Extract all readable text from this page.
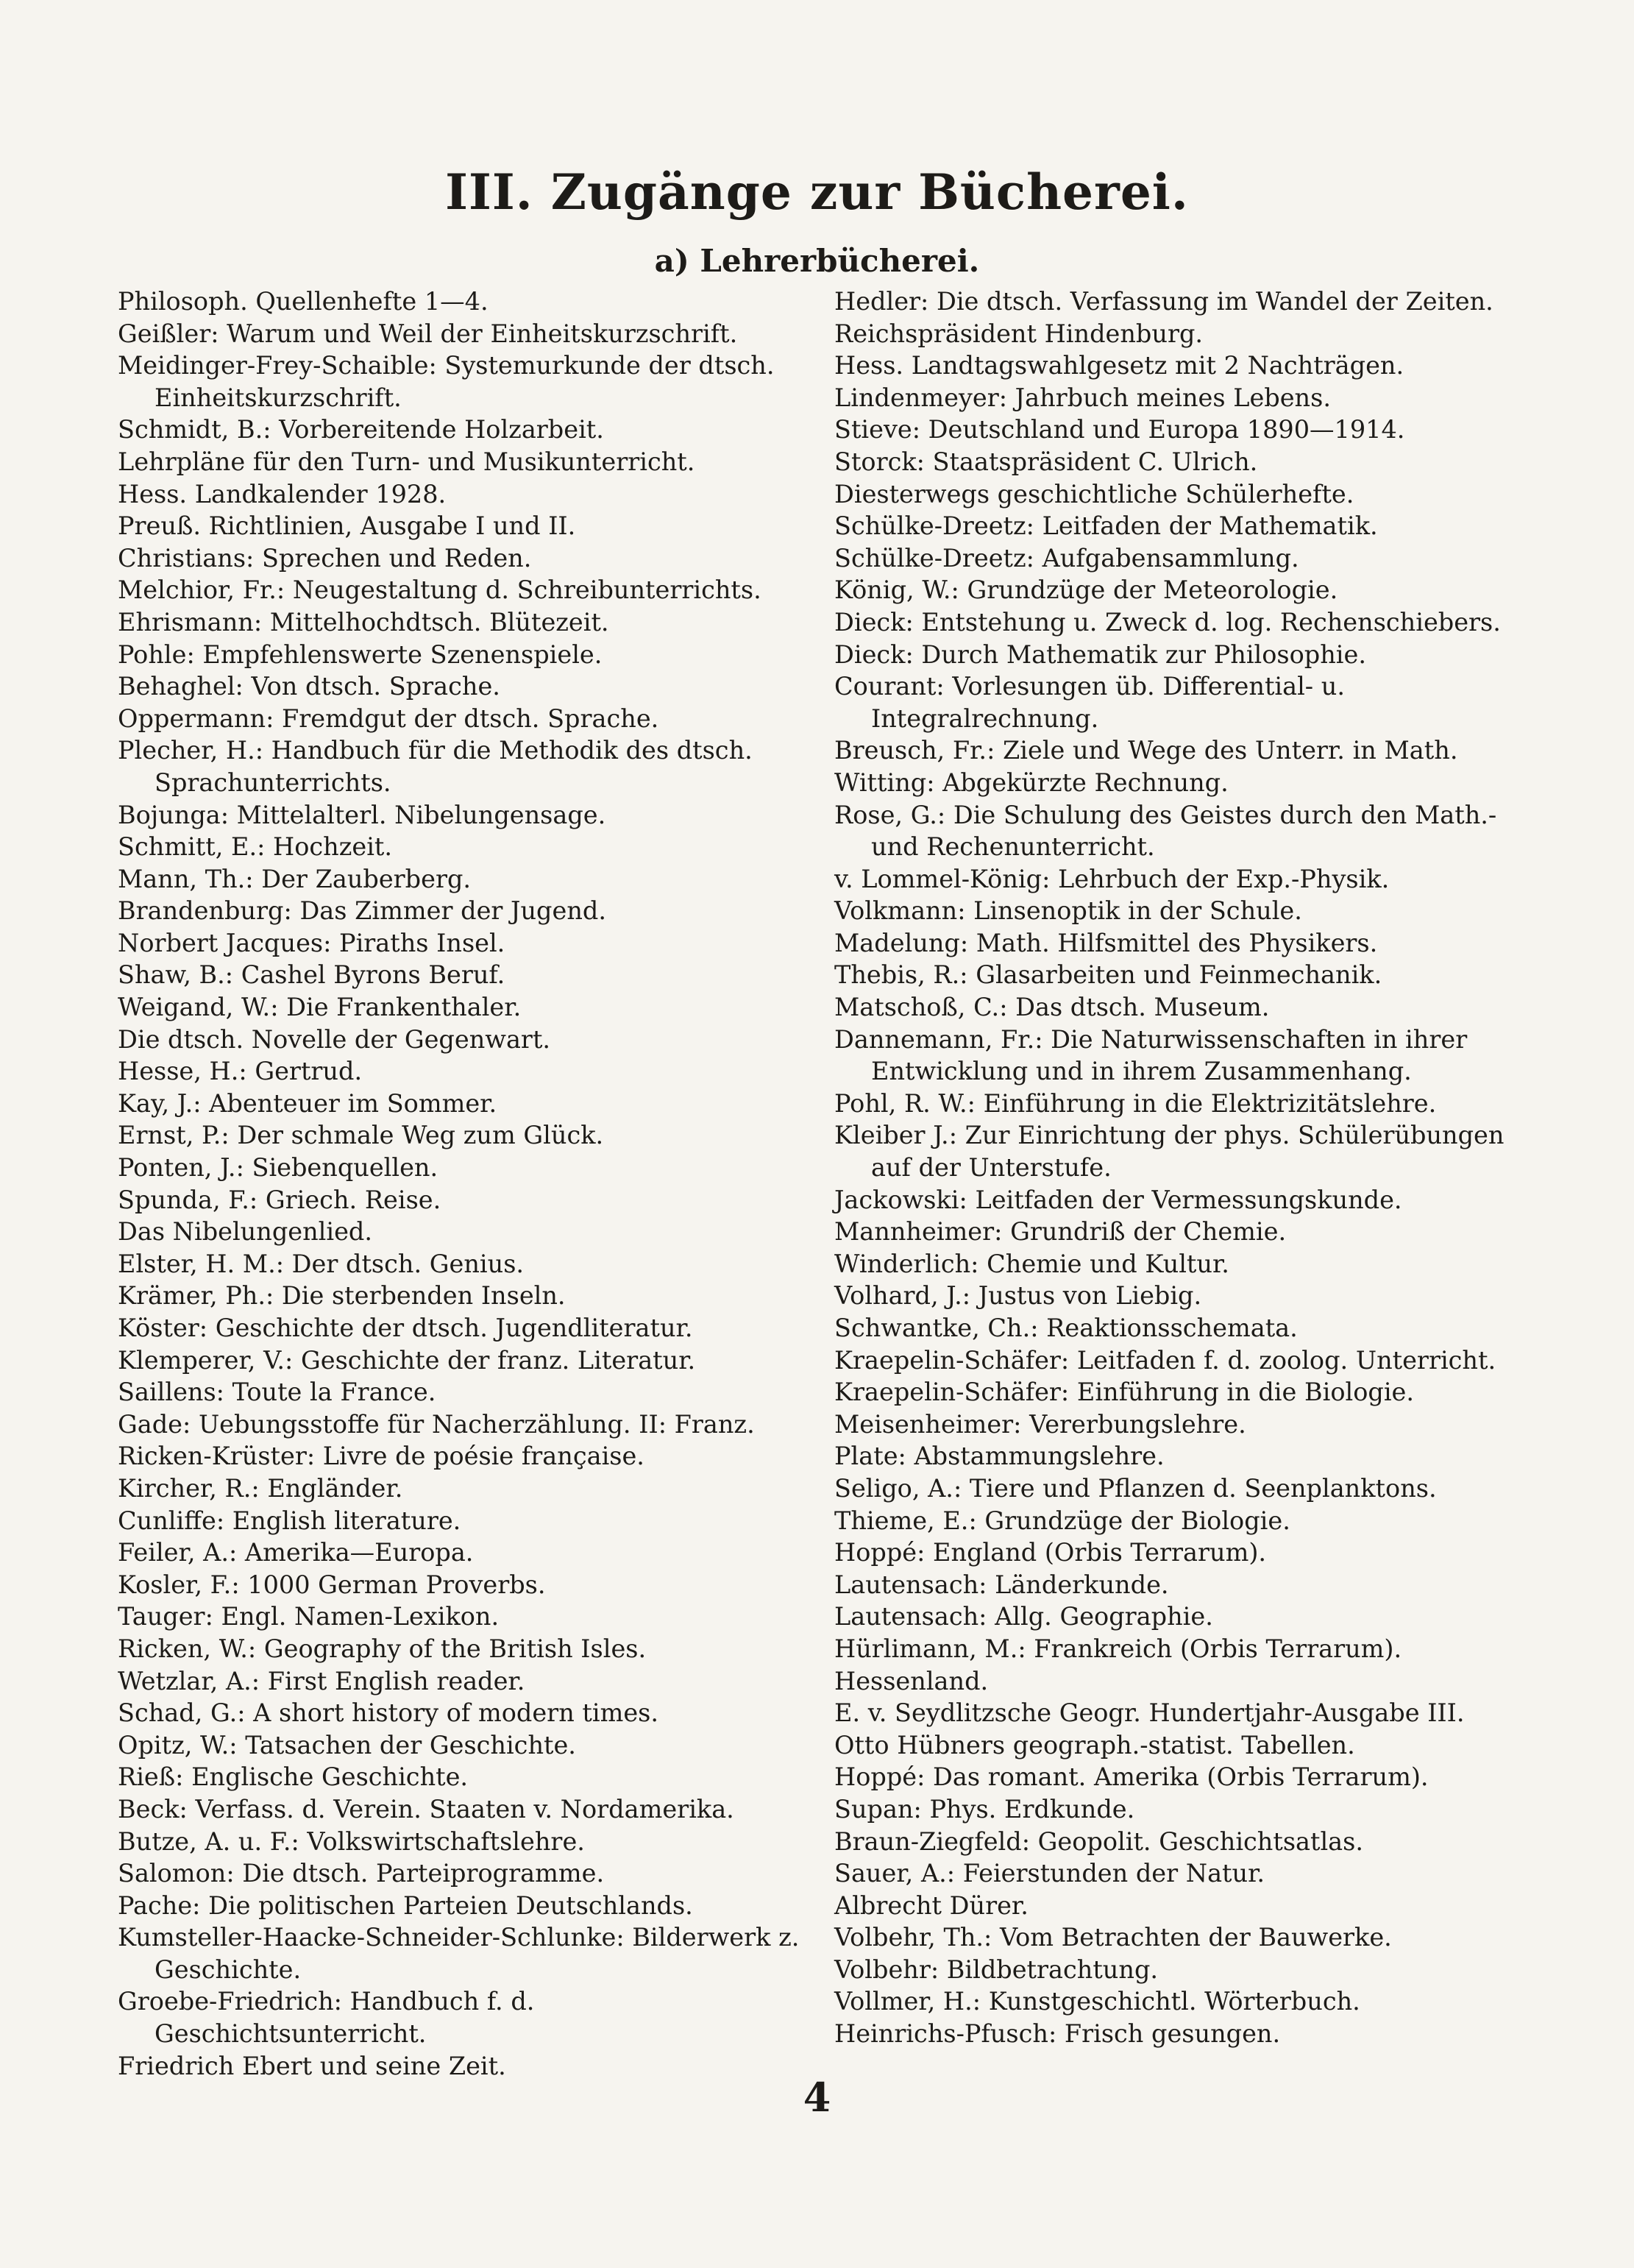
III. Zugänge zur Bücherei.
a) Lehrerbücherei.
Philosoph. Quellenhefte 1—4.
Geißler: Warum und Weil der Einheitskurzschrift.
Meidinger-Frey-Schaible: Systemurkunde der dtsch. Einheitskurzschrift.
Schmidt, B.: Vorbereitende Holzarbeit.
Lehrpläne für den Turn- und Musikunterricht.
Hess. Landkalender 1928.
Preuß. Richtlinien, Ausgabe I und II.
Christians: Sprechen und Reden.
Melchior, Fr.: Neugestaltung d. Schreibunterrichts.
Ehrismann: Mittelhochdtsch. Blütezeit.
Pohle: Empfehlenswerte Szenenspiele.
Behaghel: Von dtsch. Sprache.
Oppermann: Fremdgut der dtsch. Sprache.
Plecher, H.: Handbuch für die Methodik des dtsch. Sprachunterrichts.
Bojunga: Mittelalterl. Nibelungensage.
Schmitt, E.: Hochzeit.
Mann, Th.: Der Zauberberg.
Brandenburg: Das Zimmer der Jugend.
Norbert Jacques: Piraths Insel.
Shaw, B.: Cashel Byrons Beruf.
Weigand, W.: Die Frankenthaler.
Die dtsch. Novelle der Gegenwart.
Hesse, H.: Gertrud.
Kay, J.: Abenteuer im Sommer.
Ernst, P.: Der schmale Weg zum Glück.
Ponten, J.: Siebenquellen.
Spunda, F.: Griech. Reise.
Das Nibelungenlied.
Elster, H. M.: Der dtsch. Genius.
Krämer, Ph.: Die sterbenden Inseln.
Köster: Geschichte der dtsch. Jugendliteratur.
Klemperer, V.: Geschichte der franz. Literatur.
Saillens: Toute la France.
Gade: Uebungsstoffe für Nacherzählung. II: Franz.
Ricken-Krüster: Livre de poésie française.
Kircher, R.: Engländer.
Cunliffe: English literature.
Feiler, A.: Amerika—Europa.
Kosler, F.: 1000 German Proverbs.
Tauger: Engl. Namen-Lexikon.
Ricken, W.: Geography of the British Isles.
Wetzlar, A.: First English reader.
Schad, G.: A short history of modern times.
Opitz, W.: Tatsachen der Geschichte.
Rieß: Englische Geschichte.
Beck: Verfass. d. Verein. Staaten v. Nordamerika.
Butze, A. u. F.: Volkswirtschaftslehre.
Salomon: Die dtsch. Parteiprogramme.
Pache: Die politischen Parteien Deutschlands.
Kumsteller-Haacke-Schneider-Schlunke: Bilderwerk z. Geschichte.
Groebe-Friedrich: Handbuch f. d. Geschichtsunterricht.
Friedrich Ebert und seine Zeit.
Hedler: Die dtsch. Verfassung im Wandel der Zeiten.
Reichspräsident Hindenburg.
Hess. Landtagswahlgesetz mit 2 Nachträgen.
Lindenmeyer: Jahrbuch meines Lebens.
Stieve: Deutschland und Europa 1890—1914.
Storck: Staatspräsident C. Ulrich.
Diesterwegs geschichtliche Schülerhefte.
Schülke-Dreetz: Leitfaden der Mathematik.
Schülke-Dreetz: Aufgabensammlung.
König, W.: Grundzüge der Meteorologie.
Dieck: Entstehung u. Zweck d. log. Rechenschiebers.
Dieck: Durch Mathematik zur Philosophie.
Courant: Vorlesungen üb. Differential- u. Integralrechnung.
Breusch, Fr.: Ziele und Wege des Unterr. in Math.
Witting: Abgekürzte Rechnung.
Rose, G.: Die Schulung des Geistes durch den Math.- und Rechenunterricht.
v. Lommel-König: Lehrbuch der Exp.-Physik.
Volkmann: Linsenoptik in der Schule.
Madelung: Math. Hilfsmittel des Physikers.
Thebis, R.: Glasarbeiten und Feinmechanik.
Matschoß, C.: Das dtsch. Museum.
Dannemann, Fr.: Die Naturwissenschaften in ihrer Entwicklung und in ihrem Zusammenhang.
Pohl, R. W.: Einführung in die Elektrizitätslehre.
Kleiber J.: Zur Einrichtung der phys. Schülerübungen auf der Unterstufe.
Jackowski: Leitfaden der Vermessungskunde.
Mannheimer: Grundriß der Chemie.
Winderlich: Chemie und Kultur.
Volhard, J.: Justus von Liebig.
Schwantke, Ch.: Reaktionsschemata.
Kraepelin-Schäfer: Leitfaden f. d. zoolog. Unterricht.
Kraepelin-Schäfer: Einführung in die Biologie.
Meisenheimer: Vererbungslehre.
Plate: Abstammungslehre.
Seligo, A.: Tiere und Pflanzen d. Seenplanktons.
Thieme, E.: Grundzüge der Biologie.
Hoppé: England (Orbis Terrarum).
Lautensach: Länderkunde.
Lautensach: Allg. Geographie.
Hürlimann, M.: Frankreich (Orbis Terrarum).
Hessenland.
E. v. Seydlitzsche Geogr. Hundertjahr-Ausgabe III.
Otto Hübners geograph.-statist. Tabellen.
Hoppé: Das romant. Amerika (Orbis Terrarum).
Supan: Phys. Erdkunde.
Braun-Ziegfeld: Geopolit. Geschichtsatlas.
Sauer, A.: Feierstunden der Natur.
Albrecht Dürer.
Volbehr, Th.: Vom Betrachten der Bauwerke.
Volbehr: Bildbetrachtung.
Vollmer, H.: Kunstgeschichtl. Wörterbuch.
Heinrichs-Pfusch: Frisch gesungen.
4
